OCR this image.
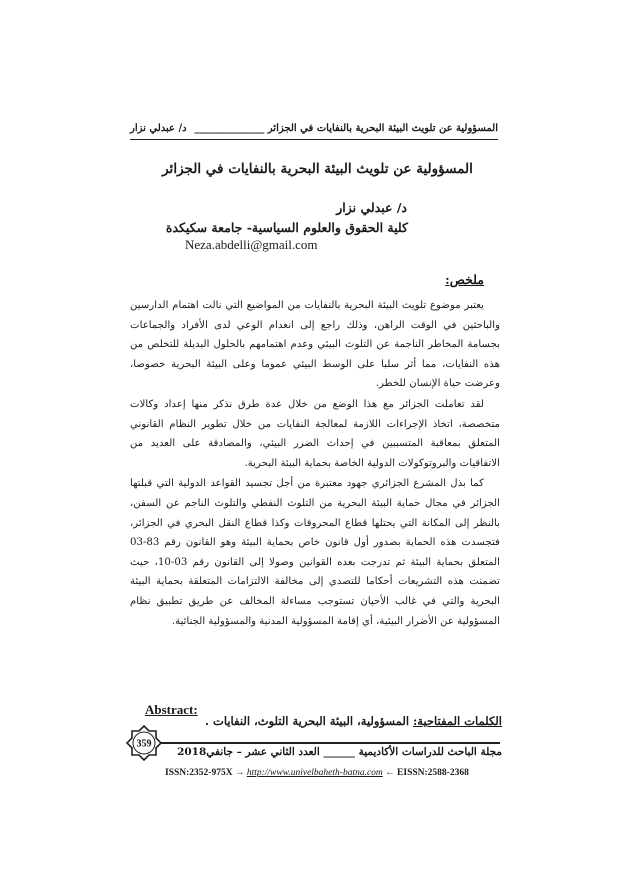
المسؤولية عن تلويث البيئة البحرية بالنفايات في الجزائر ______________
د/ عبدلي نزار
المسؤولية عن تلويث البيئة البحرية بالنفايات في الجزائر
د/ عبدلي نزار
كلية الحقوق والعلوم السياسية- جامعة سكيكدة
Neza.abdelli@gmail.com
ملخص:

يعتبر موضوع تلويث البيئة البحرية بالنفايات من المواضيع التي نالت اهتمام الدارسين والباحثين في الوقت الراهن، وذلك راجع إلى انعدام الوعي لدى الأفراد والجماعات بجسامة المخاطر الناجمة عن التلوث البيئي وعدم اهتمامهم بالحلول البديلة للتخلص من هذه النفايات، مما أثر سلبا على الوسط البيئي عموما وعلى البيئة البحرية خصوصا، وعرضت حياة الإنسان للخطر.

لقد تعاملت الجزائر مع هذا الوضع من خلال عدة طرق نذكر منها إعداد وكالات متخصصة، اتخاذ الإجراءات اللازمة لمعالجة النفايات من خلال تطوير النظام القانوني المتعلق بمعاقبة المتسببين في إحداث الضرر البيئي، والمصادقة على العديد من الاتفاقيات والبروتوكولات الدولية الخاصة بحماية البيئة البحرية.

كما بذل المشرع الجزائري جهود معتبرة من أجل تجسيد القواعد الدولية التي قبلتها الجزائر في مجال حماية البيئة البحرية من التلوث النفطي والتلوث الناجم عن السفن، بالنظر إلى المكانة التي يحتلها قطاع المحروقات وكذا قطاع النقل البحري في الجزائر، فتجسدت هذه الحماية بصدور أول قانون خاص بحماية البيئة وهو القانون رقم 83-03 المتعلق بحماية البيئة ثم تدرجت بعده القوانين وصولا إلى القانون رقم 03-10، حيث تضمنت هذه التشريعات أحكاما للتصدي إلى مخالفة الالتزامات المتعلقة بحماية البيئة البحرية والتي في غالب الأحيان تستوجب مساءلة المخالف عن طريق تطبيق نظام المسؤولية عن الأضرار البيئية، أي إقامة المسؤولية المدنية والمسؤولية الجنائية.

الكلمات المفتاحية: المسؤولية، البيئة البحرية التلوث، النفايات .
Abstract:
359
مجلة الباحث للدراسات الأكاديمية ______ العدد الثاني عشر – جانفي2018
ISSN:2352-975X → http://www.univelbaheth-batna.com ← EISSN:2588-2368
